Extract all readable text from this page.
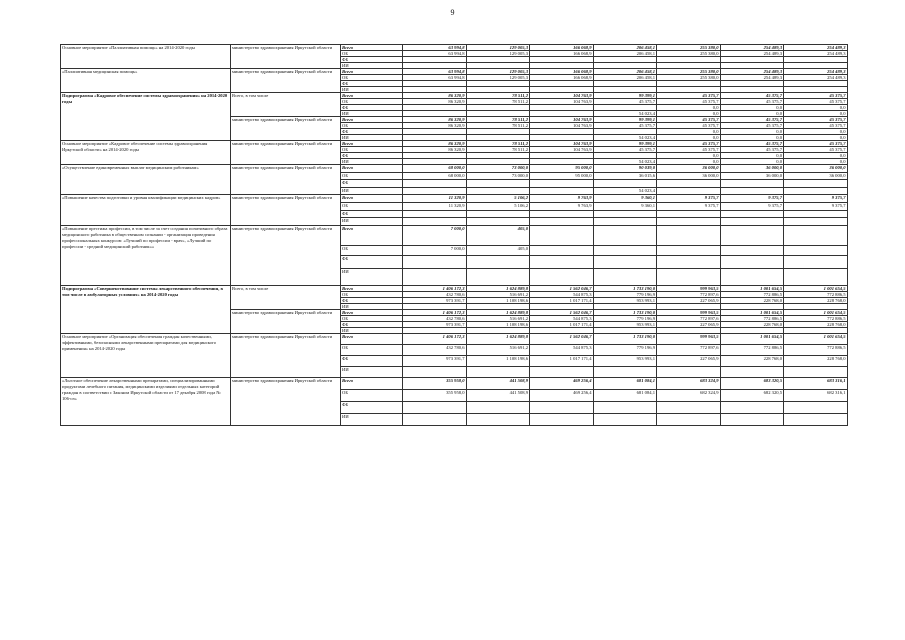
9
Основное мероприятие «Паллиативная помощь» на 2014-2020 годы	министерство здравоохранения Иркутской области	Всего	63 994,8	129 005,3	166 068,9	206 458,1	255 380,0	254 489,3	254 489,3
		ОБ	63 994,8	129 005,3	166 068,9	206 458,1	255 380,0	254 489,3	254 489,3
		ФБ							
		ИИ							
«Паллиативная медицинская помощь»	министерство здравоохранения Иркутской области	Всего	63 994,8	129 005,3	166 068,9	206 458,1	255 380,0	254 489,3	254 489,3
		ОБ	63 994,8	129 005,3	166 068,9	206 458,1	255 380,0	254 489,3	254 489,3
		ФБ							
		ИИ							
Подпрограмма «Кадровое обеспечение системы здравоохранения» на 2014-2020 годы	Всего, в том числе	Всего	86 320,9	78 511,2	104 763,9	99 399,1	45 375,7	45 375,7	45 375,7
		ОБ	86 320,9	78 511,2	104 763,9	45 375,7	45 375,7	45 375,7	45 375,7
		ФБ					0,0	0,0	0,0
		ИИ				54 023,4	0,0	0,0	0,0
	министерство здравоохранения Иркутской области	Всего	86 320,9	78 511,2	104 763,9	99 399,1	45 375,7	45 375,7	45 375,7
		ОБ	86 320,9	78 511,2	104 763,9	45 375,7	45 375,7	45 375,7	45 375,7
		ФБ					0,0	0,0	0,0
		ИИ				54 023,4	0,0	0,0	0,0
Основное мероприятие «Кадровое обеспечение системы здравоохранения Иркутской области» на 2014-2020 годы	министерство здравоохранения Иркутской области	Всего	86 320,9	78 511,2	104 763,9	99 399,1	45 375,7	45 375,7	45 375,7
		ОБ	86 320,9	78 511,2	104 763,9	45 375,7	45 375,7	45 375,7	45 375,7
		ФБ					0,0	0,0	0,0
		ИИ				54 023,4	0,0	0,0	0,0
«Осуществление единовременных выплат медицинским работникам»	министерство здравоохранения Иркутской области	Всего	68 000,0	73 000,0	95 000,0	90 039,0	36 000,0	36 000,0	36 000,0
		ОБ	68 000,0	73 000,0	95 000,0	36 015,6	36 000,0	36 000,0	36 000,0
		ФБ							
		ИИ				54 023,4			
«Повышение качества подготовки и уровня квалификации медицинских кадров»	министерство здравоохранения Иркутской области	Всего	11 320,9	5 106,2	9 763,9	9 360,1	9 375,7	9 375,7	9 375,7
		ОБ	11 320,9	5 106,2	9 763,9	9 360,1	9 375,7	9 375,7	9 375,7
		ФБ							
		ИИ							
«Повышение престижа профессии, в том числе за счет создания позитивного образа медицинского работника в общественном сознании - организация проведения профессиональных конкурсов: «Лучший по профессии - врач», «Лучший по профессии - средний медицинский работник»»	министерство здравоохранения Иркутской области	Всего	7 000,0	405,0					
		ОБ	7 000,0	405,0					
		ФБ							
		ИИ							
Подпрограмма «Совершенствование системы лекарственного обеспечения, в том числе в амбулаторных условиях» на 2014-2020 годы	Всего, в том числе	Всего	1 406 172,3	1 624 889,8	1 562 046,7	1 733 190,0	999 963,5	1 001 654,5	1 001 654,5
		ОБ	432 780,6	516 691,2	544 875,3	779 196,9	772 897,6	772 886,5	772 886,5
		ФБ	973 391,7	1 108 198,6	1 017 171,4	953 993,1	227 065,9	228 768,0	228 768,0
		ИИ							
	министерство здравоохранения Иркутской области	Всего	1 406 172,3	1 624 889,8	1 562 046,7	1 733 190,0	999 963,5	1 001 654,5	1 001 654,5
		ОБ	432 780,6	516 691,2	544 875,3	779 196,9	772 897,6	772 886,5	772 886,5
		ФБ	973 391,7	1 108 198,6	1 017 171,4	953 993,1	227 065,9	228 768,0	228 768,0
		ИИ							
Основное мероприятие «Организация обеспечения граждан качественными, эффективными, безопасными лекарственными препаратами для медицинского применения» на 2014-2020 годы	министерство здравоохранения Иркутской области	Всего	1 406 172,3	1 624 889,8	1 562 046,7	1 733 190,0	999 963,5	1 001 654,5	1 001 654,5
		ОБ	432 780,6	516 691,2	544 875,3	779 196,9	772 897,6	772 886,5	772 886,5
		ФБ	973 391,7	1 108 198,6	1 017 171,4	953 993,1	227 065,9	228 768,0	228 768,0
		ИИ							
«Льготное обеспечение лекарственными препаратами, специализированными продуктами лечебного питания, медицинскими изделиями отдельных категорий граждан в соответствии с Законом Иркутской области от 17 декабря 2008 года № 106-оз»	министерство здравоохранения Иркутской области	Всего	355 958,0	441 508,9	469 256,4	681 084,1	683 324,9	683 320,5	683 316,1
		ОБ	355 958,0	441 508,9	469 256,4	681 084,1	682 324,9	682 320,5	682 316,1
		ФБ							
		ИИ							
